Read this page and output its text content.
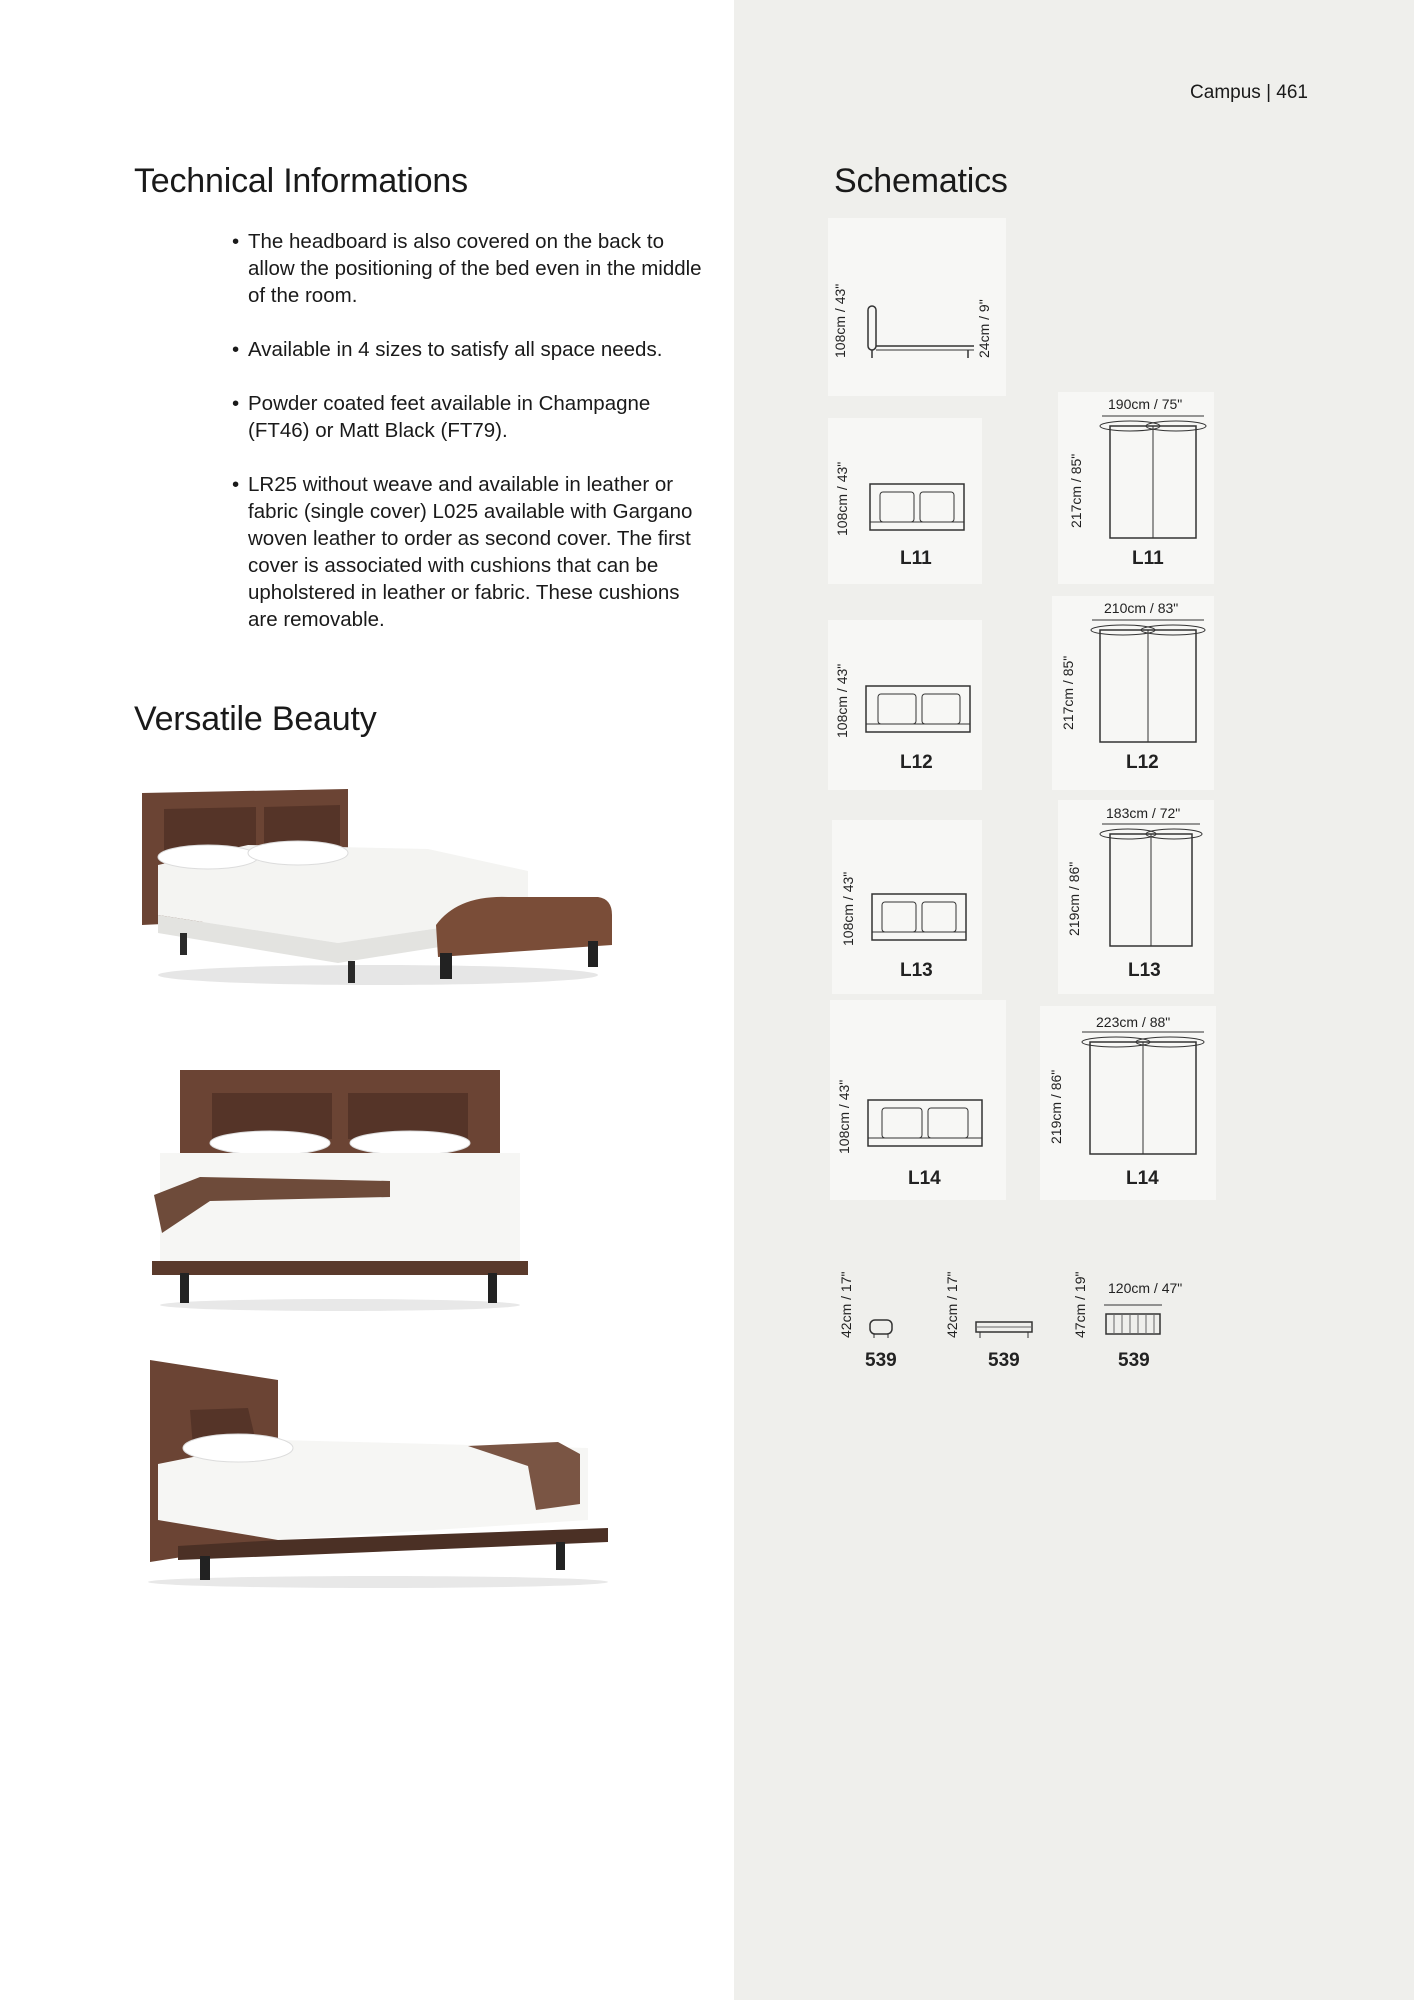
Campus | 461
Technical Informations
• The headboard is also covered on the back to allow the positioning of the bed even in the middle of the room.
• Available in 4 sizes to satisfy all space needs.
• Powder coated feet available in Champagne (FT46) or Matt Black (FT79).
• LR25 without weave and available in leather or fabric (single cover) L025 available with Gargano woven leather to order as second cover. The first cover is associated with cushions that can be upholstered in leather or fabric. These cushions are removable.
Versatile Beauty
Schematics
108cm / 43"	24cm / 9"
108cm / 43"
L11
190cm / 75"
217cm / 85"
L11
108cm / 43"
L12
210cm / 83"
217cm / 85"
L12
108cm / 43"
L13
183cm / 72"
219cm / 86"
L13
108cm / 43"
L14
223cm / 88"
219cm / 86"
L14
42cm / 17"
539
42cm / 17"
539
47cm / 19" 120cm / 47"
539
